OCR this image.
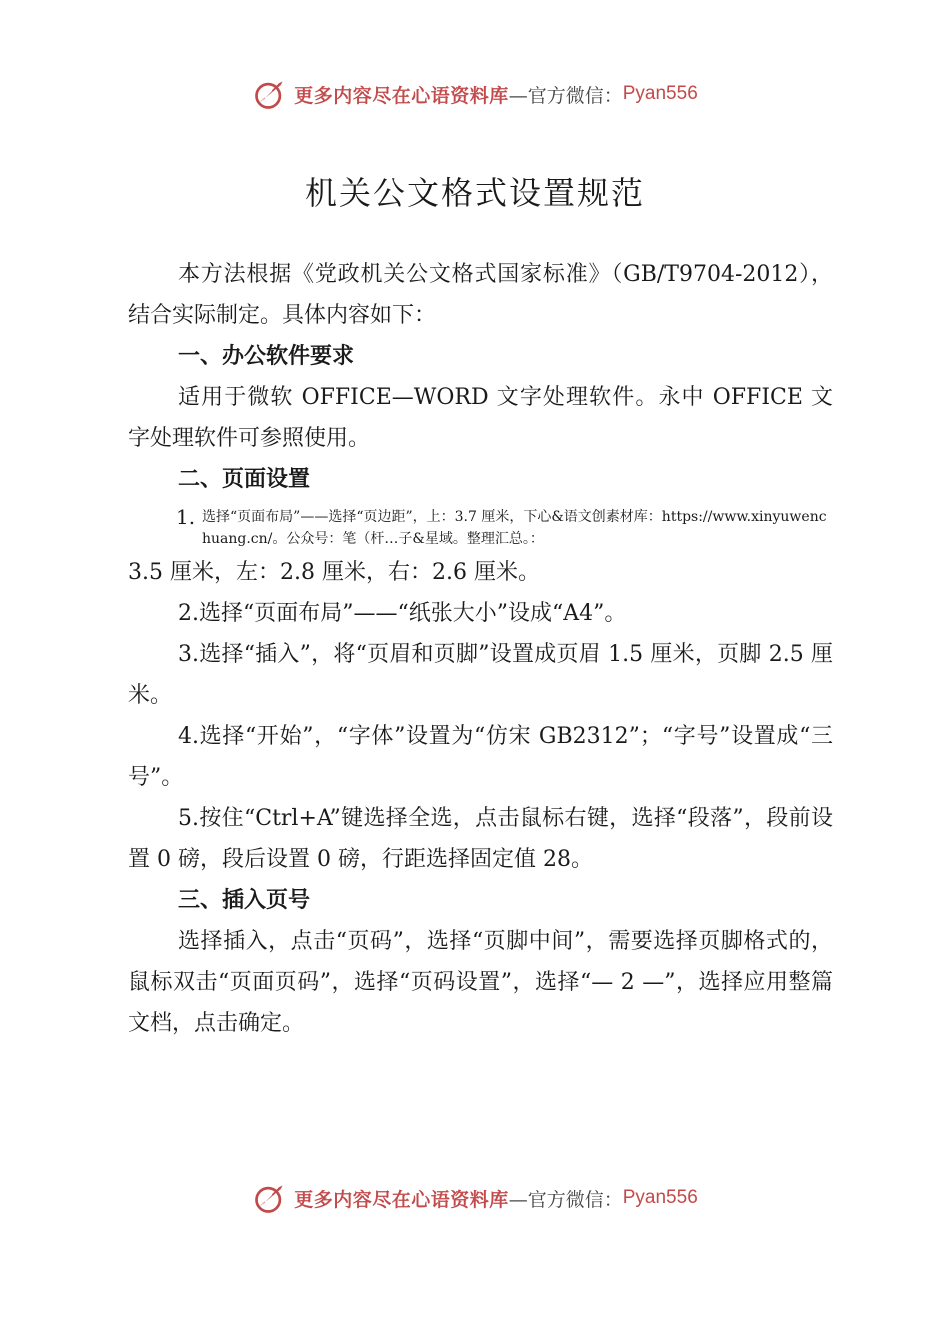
更多内容尽在心语资料库 —官方微信： Pyan556
机关公文格式设置规范

本方法根据《党政机关公文格式国家标准》（GB/T9704-2012），结合实际制定。具体内容如下：

一、办公软件要求

适用于微软 OFFICE—WORD 文字处理软件。永中 OFFICE 文字处理软件可参照使用。

二、页面设置

1. 选择“页面布局”——选择“页边距”，上：3.7 厘米，下心&语文创素材库：https://www.xinyuwenchuang.cn/。公众号：笔（杆…子&星域。整理汇总。：

3.5 厘米，左：2.8 厘米，右：2.6 厘米。

2.选择“页面布局”——“纸张大小”设成“A4”。

3.选择“插入”，将“页眉和页脚”设置成页眉 1.5 厘米，页脚 2.5 厘米。

4.选择“开始”，“字体”设置为“仿宋 GB2312”；“字号”设置成“三号”。

5.按住“Ctrl+A”键选择全选，点击鼠标右键，选择“段落”，段前设置 0 磅，段后设置 0 磅，行距选择固定值 28。

三、插入页号

选择插入，点击“页码”，选择“页脚中间”，需要选择页脚格式的，鼠标双击“页面页码”，选择“页码设置”，选择“— 2 —”，选择应用整篇文档，点击确定。

更多内容尽在心语资料库 —官方微信： Pyan556
